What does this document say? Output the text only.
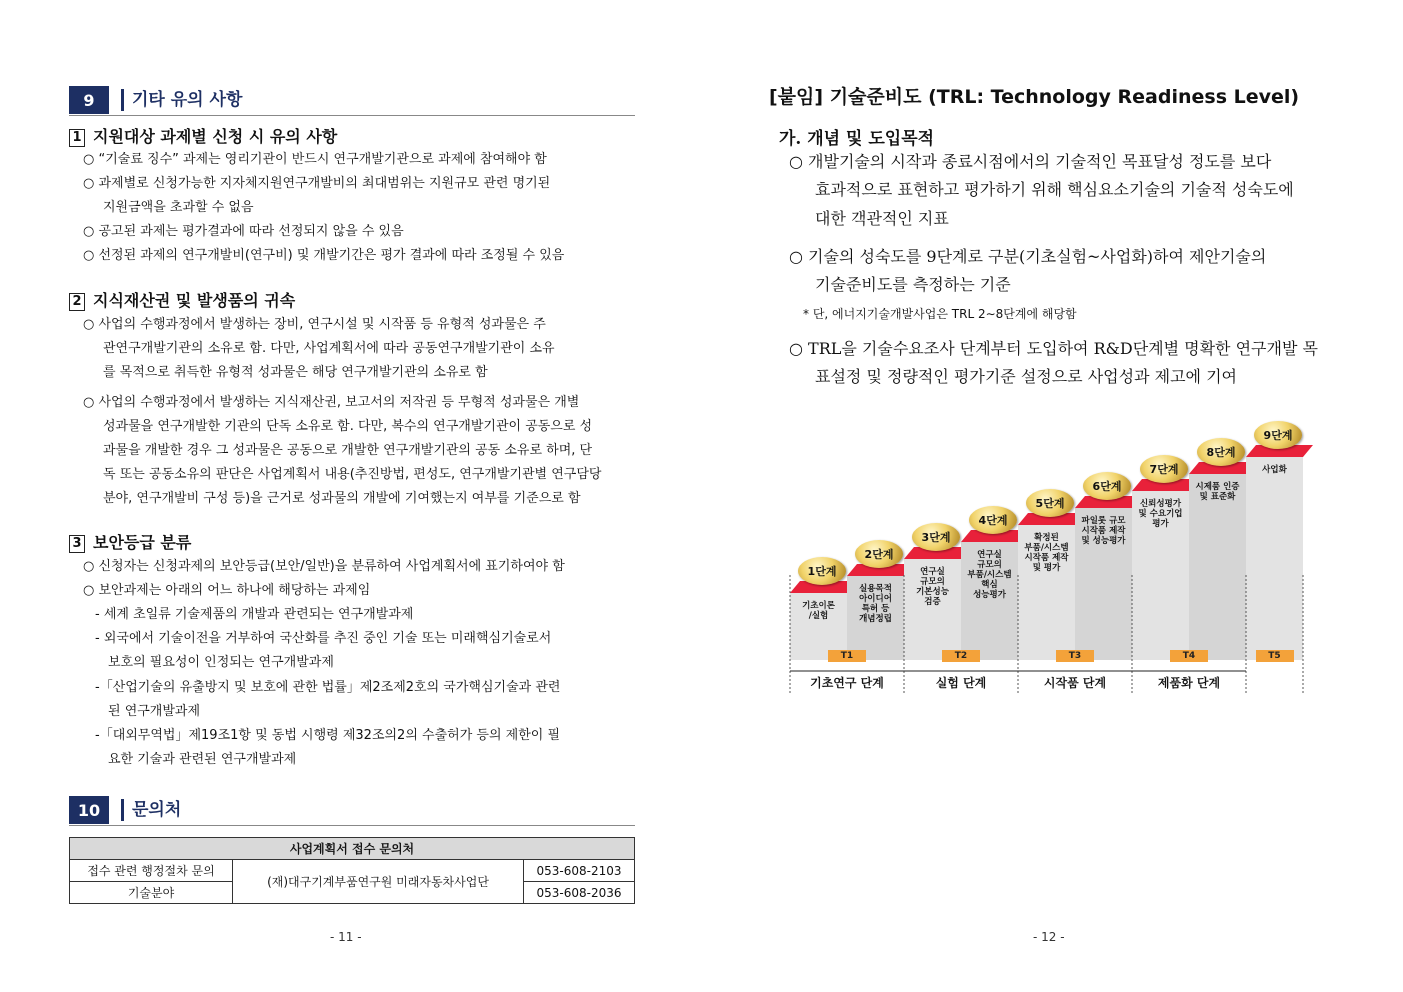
9	기타 유의 사항
1 지원대상 과제별 신청 시 유의 사항
○ “기술료 징수” 과제는 영리기관이 반드시 연구개발기관으로 과제에 참여해야 함
○ 과제별로 신청가능한 지자체지원연구개발비의 최대범위는 지원규모 관련 명기된
지원금액을 초과할 수 없음
○ 공고된 과제는 평가결과에 따라 선정되지 않을 수 있음
○ 선정된 과제의 연구개발비(연구비) 및 개발기간은 평가 결과에 따라 조정될 수 있음
2 지식재산권 및 발생품의 귀속
○ 사업의 수행과정에서 발생하는 장비, 연구시설 및 시작품 등 유형적 성과물은 주
관연구개발기관의 소유로 함. 다만, 사업계획서에 따라 공동연구개발기관이 소유
를 목적으로 취득한 유형적 성과물은 해당 연구개발기관의 소유로 함
○ 사업의 수행과정에서 발생하는 지식재산권, 보고서의 저작권 등 무형적 성과물은 개별
성과물을 연구개발한 기관의 단독 소유로 함. 다만, 복수의 연구개발기관이 공동으로 성
과물을 개발한 경우 그 성과물은 공동으로 개발한 연구개발기관의 공동 소유로 하며, 단
독 또는 공동소유의 판단은 사업계획서 내용(추진방법, 편성도, 연구개발기관별 연구담당
분야, 연구개발비 구성 등)을 근거로 성과물의 개발에 기여했는지 여부를 기준으로 함
3 보안등급 분류
○ 신청자는 신청과제의 보안등급(보안/일반)을 분류하여 사업계획서에 표기하여야 함
○ 보안과제는 아래의 어느 하나에 해당하는 과제임
- 세계 초일류 기술제품의 개발과 관련되는 연구개발과제
- 외국에서 기술이전을 거부하여 국산화를 추진 중인 기술 또는 미래핵심기술로서
보호의 필요성이 인정되는 연구개발과제
-「산업기술의 유출방지 및 보호에 관한 법률」제2조제2호의 국가핵심기술과 관련
된 연구개발과제
-「대외무역법」제19조1항 및 동법 시행령 제32조의2의 수출허가 등의 제한이 필
요한 기술과 관련된 연구개발과제
10	문의처
사업계획서 접수 문의처		
접수 관련 행정절차 문의	(재)대구기계부품연구원 미래자동차사업단	053-608-2103
기술분야		053-608-2036
- 11 -
[붙임] 기술준비도 (TRL: Technology Readiness Level)
가. 개념 및 도입목적
○ 개발기술의 시작과 종료시점에서의 기술적인 목표달성 정도를 보다
효과적으로 표현하고 평가하기 위해 핵심요소기술의 기술적 성숙도에
대한 객관적인 지표
○ 기술의 성숙도를 9단계로 구분(기초실험~사업화)하여 제안기술의
기술준비도를 측정하는 기준
* 단, 에너지기술개발사업은 TRL 2∼8단계에 해당함
○ TRL을 기술수요조사 단계부터 도입하여 R&D단계별 명확한 연구개발 목
표설정 및 정량적인 평가기준 설정으로 사업성과 제고에 기여
1단계
기초이론
/실험
2단계
실용목적
아이디어
특허 등
개념정립
3단계
연구실
규모의
기본성능
검증
4단계
연구실
규모의
부품/시스템
핵심
성능평가
5단계
확정된
부품/시스템
시작품 제작
및 평가
6단계
파일롯 규모
시작품 제작
및 성능평가
7단계
신뢰성평가
및 수요기업
평가
8단계
시제품 인증
및 표준화
9단계
사업화
T1	T2	T3	T4	T5
기초연구 단계	실험 단계	시작품 단계	제품화 단계
- 12 -
